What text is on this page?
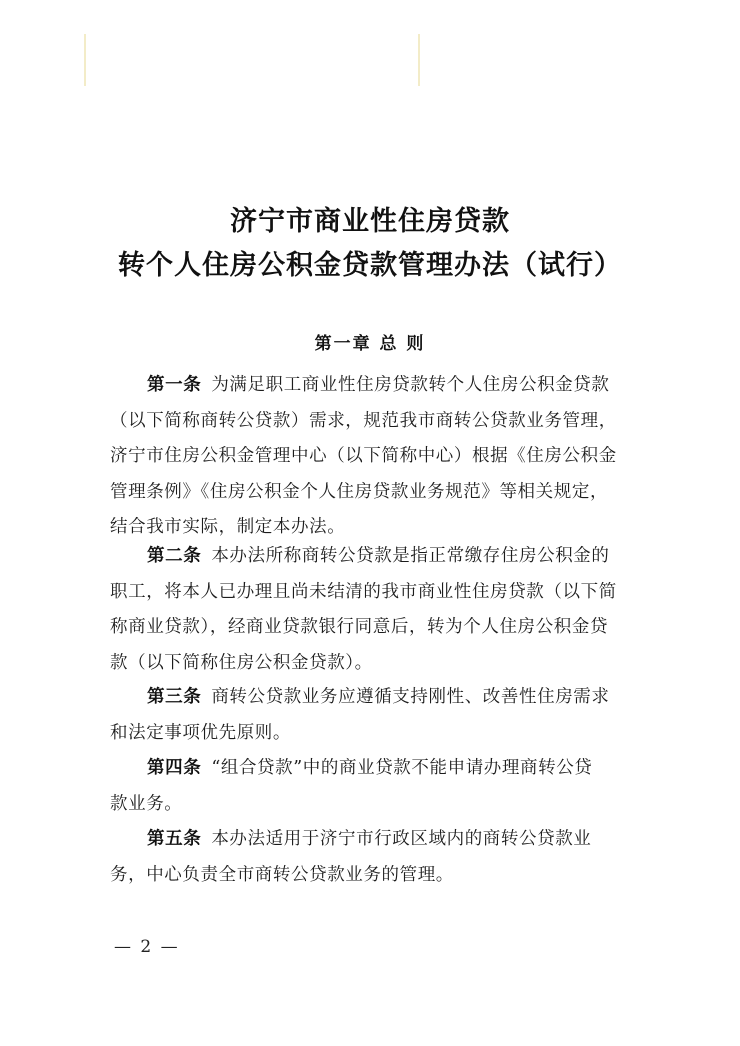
济宁市商业性住房贷款
转个人住房公积金贷款管理办法（试行）
第一章 总 则
第一条 为满足职工商业性住房贷款转个人住房公积金贷款
（以下简称商转公贷款）需求，规范我市商转公贷款业务管理，
济宁市住房公积金管理中心（以下简称中心）根据《住房公积金
管理条例》《住房公积金个人住房贷款业务规范》等相关规定，
结合我市实际，制定本办法。
第二条 本办法所称商转公贷款是指正常缴存住房公积金的
职工，将本人已办理且尚未结清的我市商业性住房贷款（以下简
称商业贷款），经商业贷款银行同意后，转为个人住房公积金贷
款（以下简称住房公积金贷款）。
第三条 商转公贷款业务应遵循支持刚性、改善性住房需求
和法定事项优先原则。
第四条 “组合贷款”中的商业贷款不能申请办理商转公贷
款业务。
第五条 本办法适用于济宁市行政区域内的商转公贷款业
务，中心负责全市商转公贷款业务的管理。
— 2 —
